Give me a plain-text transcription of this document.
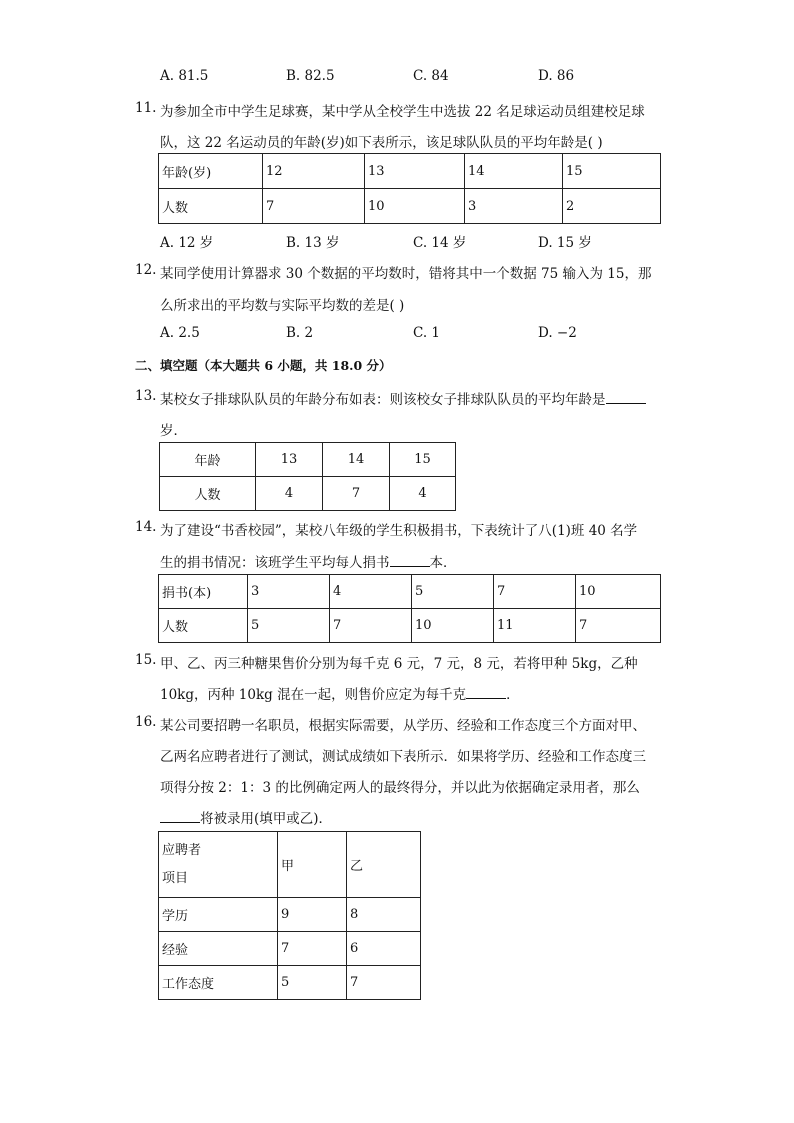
A. 81.5	B. 82.5	C. 84	D. 86
11. 为参加全市中学生足球赛，某中学从全校学生中选拔 22 名足球运动员组建校足球
队，这 22 名运动员的年龄(岁)如下表所示，该足球队队员的平均年龄是( )
年龄(岁)	12	13	14	15
人数	7	10	3	2
A. 12 岁	B. 13 岁	C. 14 岁	D. 15 岁
12. 某同学使用计算器求 30 个数据的平均数时，错将其中一个数据 75 输入为 15，那
么所求出的平均数与实际平均数的差是( )
A. 2.5	B. 2	C. 1	D. −2
二、填空题（本大题共 6 小题，共 18.0 分）
13. 某校女子排球队队员的年龄分布如表：则该校女子排球队队员的平均年龄是
岁．
年龄	13	14	15
人数	4	7	4
14. 为了建设“书香校园”，某校八年级的学生积极捐书，下表统计了八(1)班 40 名学
生的捐书情况：该班学生平均每人捐书	本．
捐书(本)	3	4	5	7	10
人数	5	7	10	11	7
15. 甲、乙、丙三种糖果售价分别为每千克 6 元，7 元，8 元，若将甲种 5kg，乙种
10kg，丙种 10kg 混在一起，则售价应定为每千克	．
16. 某公司要招聘一名职员，根据实际需要，从学历、经验和工作态度三个方面对甲、
乙两名应聘者进行了测试，测试成绩如下表所示．如果将学历、经验和工作态度三
项得分按 2：1：3 的比例确定两人的最终得分，并以此为依据确定录用者，那么
将被录用(填甲或乙)．
应聘者
项目	甲	乙
学历	9	8
经验	7	6
工作态度	5	7
